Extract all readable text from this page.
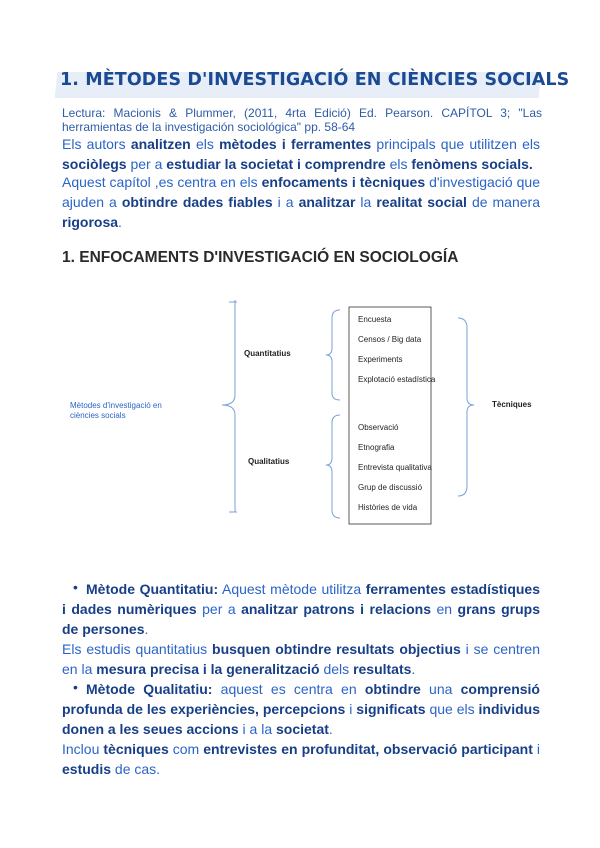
1. MÈTODES D'INVESTIGACIÓ EN CIÈNCIES SOCIALS
Lectura: Macionis & Plummer, (2011, 4rta Edició) Ed. Pearson. CAPÍTOL 3; "Las herramientas de la investigación sociológica" pp. 58-64
Els autors analitzen els mètodes i ferramentes principals que utilitzen els sociòlegs per a estudiar la societat i comprendre els fenòmens socials.
Aquest capítol ,es centra en els enfocaments i tècniques d'investigació que ajuden a obtindre dades fiables i a analitzar la realitat social de manera rigorosa.
1. ENFOCAMENTS D'INVESTIGACIÓ EN SOCIOLOGÍA
Mètodes d'investigació en
ciències socials
Quantitatius
Qualitatius
Encuesta
Censos / Big data
Experiments
Explotació estadística
Observació
Etnografia
Entrevista qualitativa
Grup de discussió
Històries de vida
Tècniques
• Mètode Quantitatiu: Aquest mètode utilitza ferramentes estadístiques i dades numèriques per a analitzar patrons i relacions en grans grups de persones.
Els estudis quantitatius busquen obtindre resultats objectius i se centren en la mesura precisa i la generalització dels resultats.
• Mètode Qualitatiu: aquest es centra en obtindre una comprensió profunda de les experiències, percepcions i significats que els individus donen a les seues accions i a la societat.
Inclou tècniques com entrevistes en profunditat, observació participant i estudis de cas.
